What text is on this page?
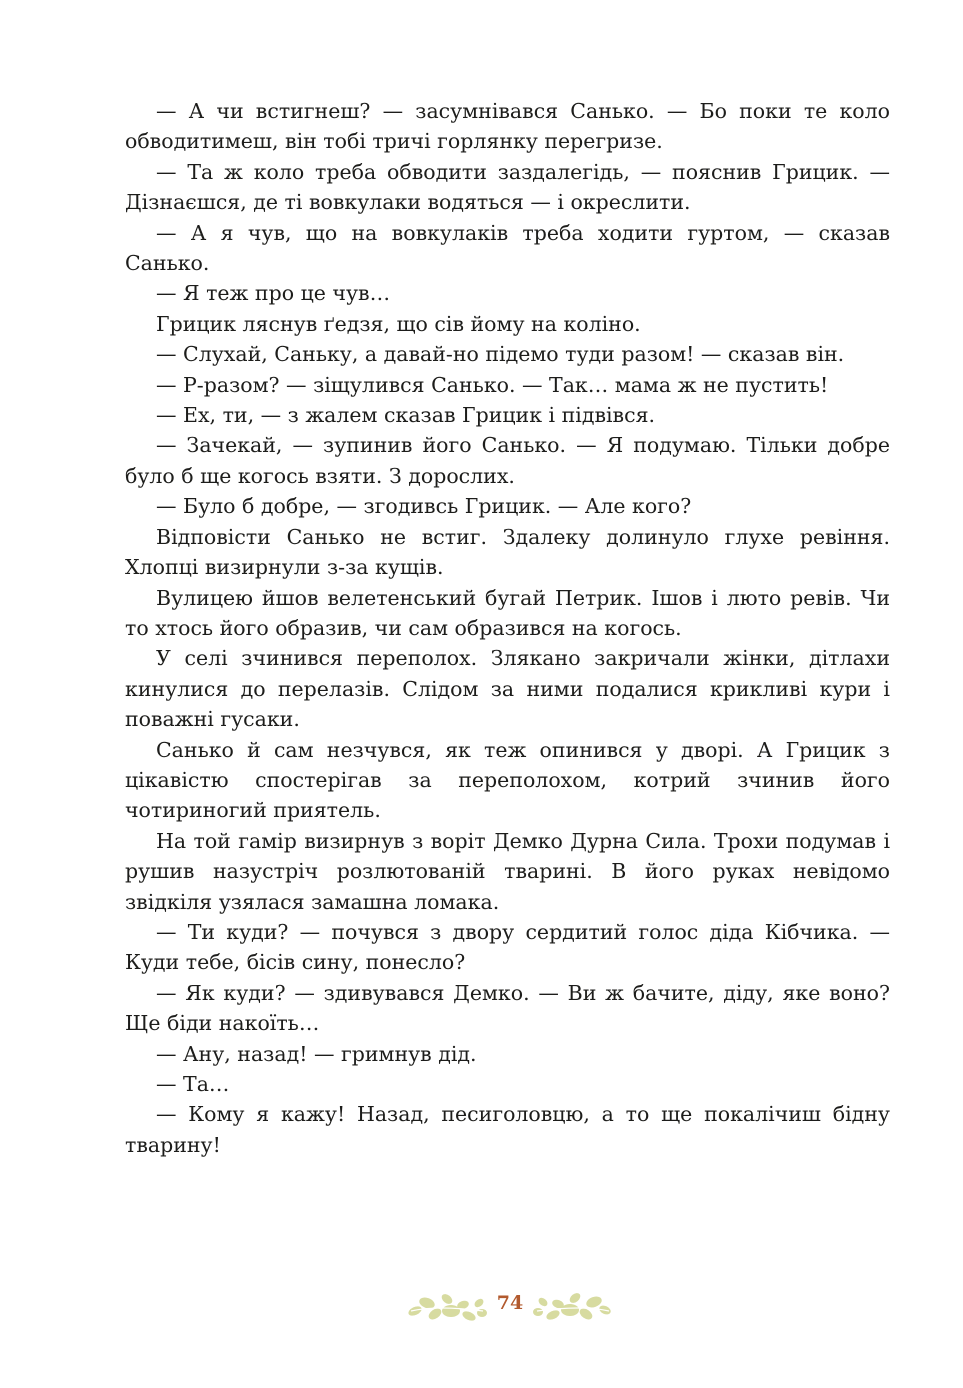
— А чи встигнеш? — засумнівався Санько. — Бо поки те коло обводитимеш, він тобі тричі горлянку перегризе.

— Та ж коло треба обводити заздалегідь, — пояснив Грицик. — Дізнаєшся, де ті вовкулаки водяться — і окреслити.

— А я чув, що на вовкулаків треба ходити гуртом, — сказав Санько.

— Я теж про це чув…

Грицик ляснув ґедзя, що сів йому на коліно.

— Слухай, Саньку, а давай-но підемо туди разом! — сказав він.

— Р-разом? — зіщулився Санько. — Так… мама ж не пустить!

— Ех, ти, — з жалем сказав Грицик і підвівся.

— Зачекай, — зупинив його Санько. — Я подумаю. Тільки добре було б ще когось взяти. З дорослих.

— Було б добре, — згодивсь Грицик. — Але кого?

Відповісти Санько не встиг. Здалеку долинуло глухе ревіння. Хлопці визирнули з-за кущів.

Вулицею йшов велетенський бугай Петрик. Ішов і люто ревів. Чи то хтось його образив, чи сам образився на когось.

У селі зчинився переполох. Злякано закричали жінки, дітлахи кинулися до перелазів. Слідом за ними подалися крикливі кури і поважні гусаки.

Санько й сам незчувся, як теж опинився у дворі. А Грицик з цікавістю спостерігав за переполохом, котрий зчинив його чотириногий приятель.

На той гамір визирнув з воріт Демко Дурна Сила. Трохи подумав і рушив назустріч розлютованій тварині. В його руках невідомо звідкіля узялася замашна ломака.

— Ти куди? — почувся з двору сердитий голос діда Кібчика. — Куди тебе, бісів сину, понесло?

— Як куди? — здивувався Демко. — Ви ж бачите, діду, яке воно? Ще біди накоїть…

— Ану, назад! — гримнув дід.

— Та…

— Кому я кажу! Назад, песиголовцю, а то ще покалічиш бідну тварину!

74
